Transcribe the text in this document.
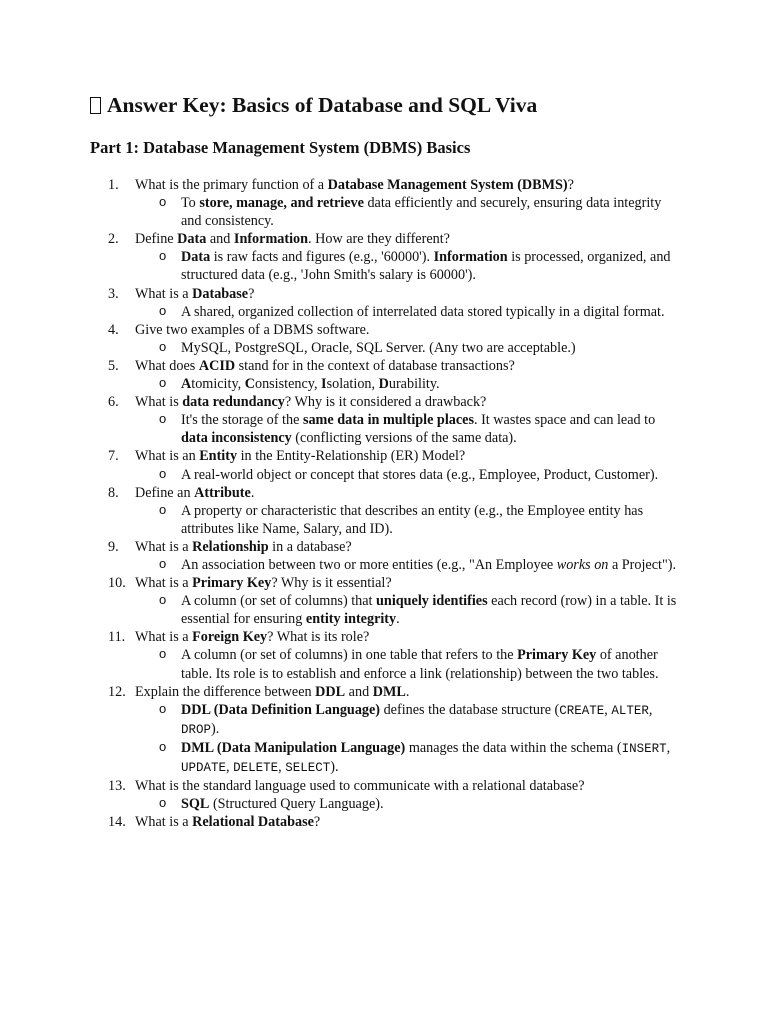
Answer Key: Basics of Database and SQL Viva
Part 1: Database Management System (DBMS) Basics
1.	What is the primary function of a Database Management System (DBMS)?
o To store, manage, and retrieve data efficiently and securely, ensuring data integrity and consistency.
2.	Define Data and Information. How are they different?
o Data is raw facts and figures (e.g., '60000'). Information is processed, organized, and structured data (e.g., 'John Smith's salary is 60000').
3.	What is a Database?
o A shared, organized collection of interrelated data stored typically in a digital format.
4.	Give two examples of a DBMS software.
o MySQL, PostgreSQL, Oracle, SQL Server. (Any two are acceptable.)
5.	What does ACID stand for in the context of database transactions?
o Atomicity, Consistency, Isolation, Durability.
6.	What is data redundancy? Why is it considered a drawback?
o It's the storage of the same data in multiple places. It wastes space and can lead to data inconsistency (conflicting versions of the same data).
7.	What is an Entity in the Entity-Relationship (ER) Model?
o A real-world object or concept that stores data (e.g., Employee, Product, Customer).
8.	Define an Attribute.
o A property or characteristic that describes an entity (e.g., the Employee entity has attributes like Name, Salary, and ID).
9.	What is a Relationship in a database?
o An association between two or more entities (e.g., "An Employee works on a Project").
10. What is a Primary Key? Why is it essential?
o A column (or set of columns) that uniquely identifies each record (row) in a table. It is essential for ensuring entity integrity.
11. What is a Foreign Key? What is its role?
o A column (or set of columns) in one table that refers to the Primary Key of another table. Its role is to establish and enforce a link (relationship) between the two tables.
12. Explain the difference between DDL and DML.
o DDL (Data Definition Language) defines the database structure (CREATE, ALTER, DROP).
o DML (Data Manipulation Language) manages the data within the schema (INSERT, UPDATE, DELETE, SELECT).
13. What is the standard language used to communicate with a relational database?
o SQL (Structured Query Language).
14. What is a Relational Database?
